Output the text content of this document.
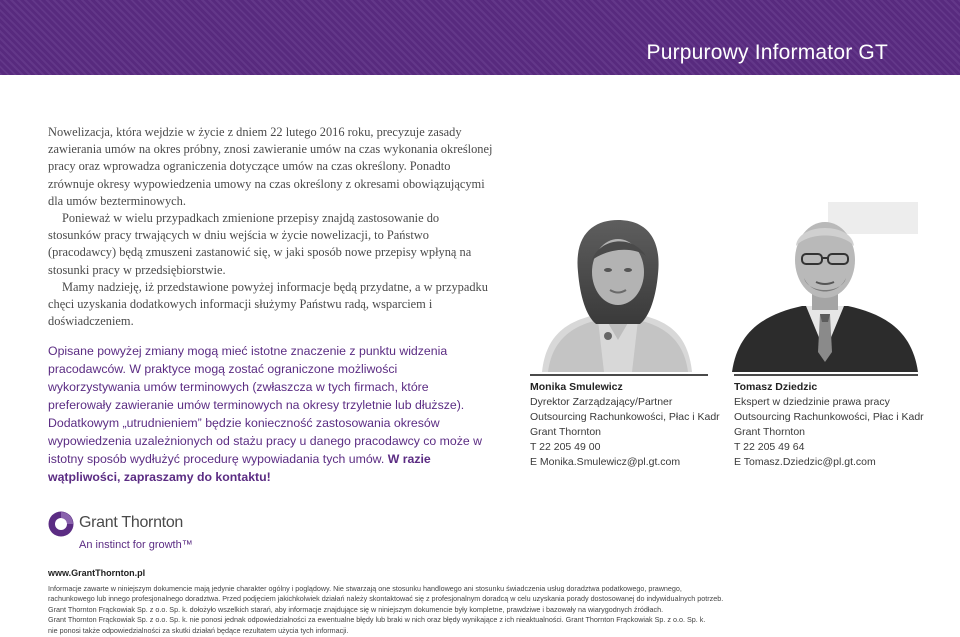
Purpurowy Informator GT

Nowelizacja, która wejdzie w życie z dniem 22 lutego 2016 roku, precyzuje zasady zawierania umów na okres próbny, znosi zawieranie umów na czas wykonania określonej pracy oraz wprowadza ograniczenia dotyczące umów na czas określony. Ponadto zrównuje okresy wypowiedzenia umowy na czas określony z okresami obowiązującymi dla umów bezterminowych.

Ponieważ w wielu przypadkach zmienione przepisy znajdą zastosowanie do stosunków pracy trwających w dniu wejścia w życie nowelizacji, to Państwo (pracodawcy) będą zmuszeni zastanowić się, w jaki sposób nowe przepisy wpłyną na stosunki pracy w przedsiębiorstwie.

Mamy nadzieję, iż przedstawione powyżej informacje będą przydatne, a w przypadku chęci uzyskania dodatkowych informacji służymy Państwu radą, wsparciem i doświadczeniem.

Opisane powyżej zmiany mogą mieć istotne znaczenie z punktu widzenia pracodawców. W praktyce mogą zostać ograniczone możliwości wykorzystywania umów terminowych (zwłaszcza w tych firmach, które preferowały zawieranie umów terminowych na okresy trzyletnie lub dłuższe). Dodatkowym „utrudnieniem” będzie konieczność zastosowania okresów wypowiedzenia uzależnionych od stażu pracy u danego pracodawcy co może w istotny sposób wydłużyć procedurę wypowiadania tych umów. W razie wątpliwości, zapraszamy do kontaktu!
Monika Smulewicz
Dyrektor Zarządzający/Partner
Outsourcing Rachunkowości, Płac i Kadr
Grant Thornton
T 22 205 49 00
E Monika.Smulewicz@pl.gt.com
Tomasz Dziedzic
Ekspert w dziedzinie prawa pracy
Outsourcing Rachunkowości, Płac i Kadr
Grant Thornton
T 22 205 49 64
E Tomasz.Dziedzic@pl.gt.com
Grant Thornton
An instinct for growth™
www.GrantThornton.pl
Informacje zawarte w niniejszym dokumencie mają jedynie charakter ogólny i poglądowy. Nie stwarzają one stosunku handlowego ani stosunku świadczenia usług doradztwa podatkowego, prawnego,
rachunkowego lub innego profesjonalnego doradztwa. Przed podjęciem jakichkolwiek działań należy skontaktować się z profesjonalnym doradcą w celu uzyskania porady dostosowanej do indywidualnych potrzeb.
Grant Thornton Frąckowiak Sp. z o.o. Sp. k. dołożyło wszelkich starań, aby informacje znajdujące się w niniejszym dokumencie były kompletne, prawdziwe i bazowały na wiarygodnych źródłach.
Grant Thornton Frąckowiak Sp. z o.o. Sp. k. nie ponosi jednak odpowiedzialności za ewentualne błędy lub braki w nich oraz błędy wynikające z ich nieaktualności. Grant Thornton Frąckowiak Sp. z o.o. Sp. k.
nie ponosi także odpowiedzialności za skutki działań będące rezultatem użycia tych informacji.
